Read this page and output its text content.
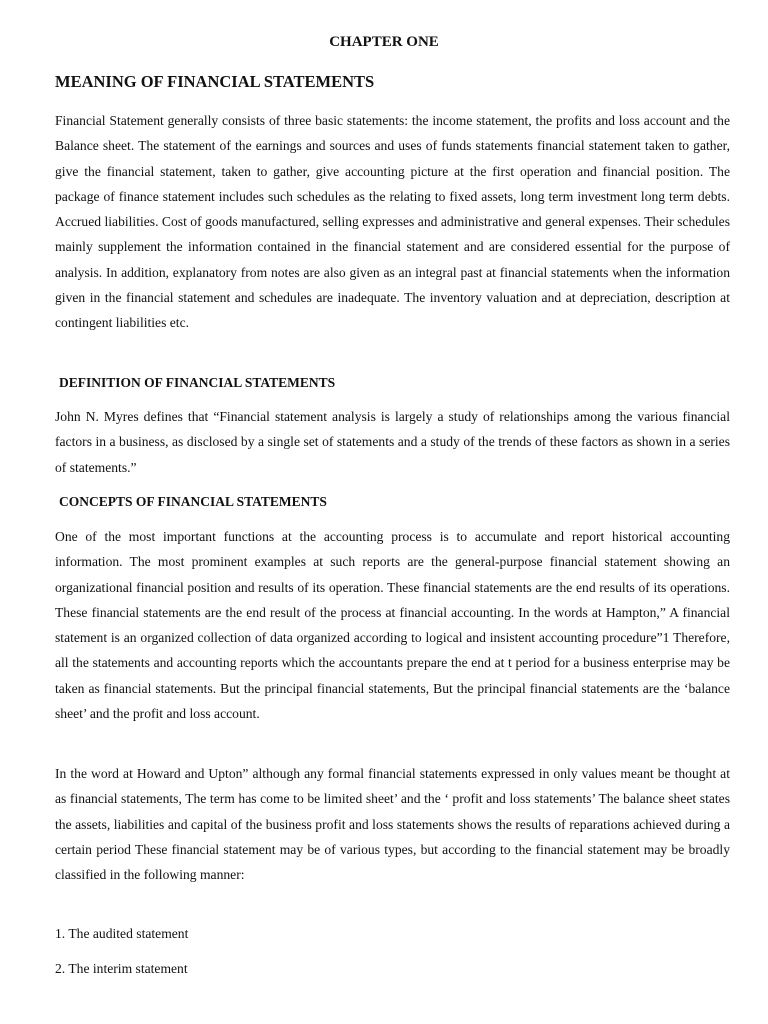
CHAPTER ONE
MEANING OF FINANCIAL STATEMENTS

Financial Statement generally consists of three basic statements: the income statement, the profits and loss account and the Balance sheet. The statement of the earnings and sources and uses of funds statements financial statement taken to gather, give the financial statement, taken to gather, give accounting picture at the first operation and financial position. The package of finance statement includes such schedules as the relating to fixed assets, long term investment long term debts. Accrued liabilities. Cost of goods manufactured, selling expresses and administrative and general expenses. Their schedules mainly supplement the information contained in the financial statement and are considered essential for the purpose of analysis. In addition, explanatory from notes are also given as an integral past at financial statements when the information given in the financial statement and schedules are inadequate. The inventory valuation and at depreciation, description at contingent liabilities etc.

DEFINITION OF FINANCIAL STATEMENTS

John N. Myres defines that “Financial statement analysis is largely a study of relationships among the various financial factors in a business, as disclosed by a single set of statements and a study of the trends of these factors as shown in a series of statements.”

CONCEPTS OF FINANCIAL STATEMENTS

One of the most important functions at the accounting process is to accumulate and report historical accounting information. The most prominent examples at such reports are the general-purpose financial statement showing an organizational financial position and results of its operation. These financial statements are the end results of its operations. These financial statements are the end result of the process at financial accounting. In the words at Hampton,” A financial statement is an organized collection of data organized according to logical and insistent accounting procedure”1 Therefore, all the statements and accounting reports which the accountants prepare the end at t period for a business enterprise may be taken as financial statements. But the principal financial statements, But the principal financial statements are the ‘balance sheet’ and the profit and loss account.

In the word at Howard and Upton” although any formal financial statements expressed in only values meant be thought at as financial statements, The term has come to be limited sheet’ and the ‘ profit and loss statements’ The balance sheet states the assets, liabilities and capital of the business profit and loss statements shows the results of reparations achieved during a certain period These financial statement may be of various types, but according to the financial statement may be broadly classified in the following manner:

1. The audited statement

2. The interim statement
